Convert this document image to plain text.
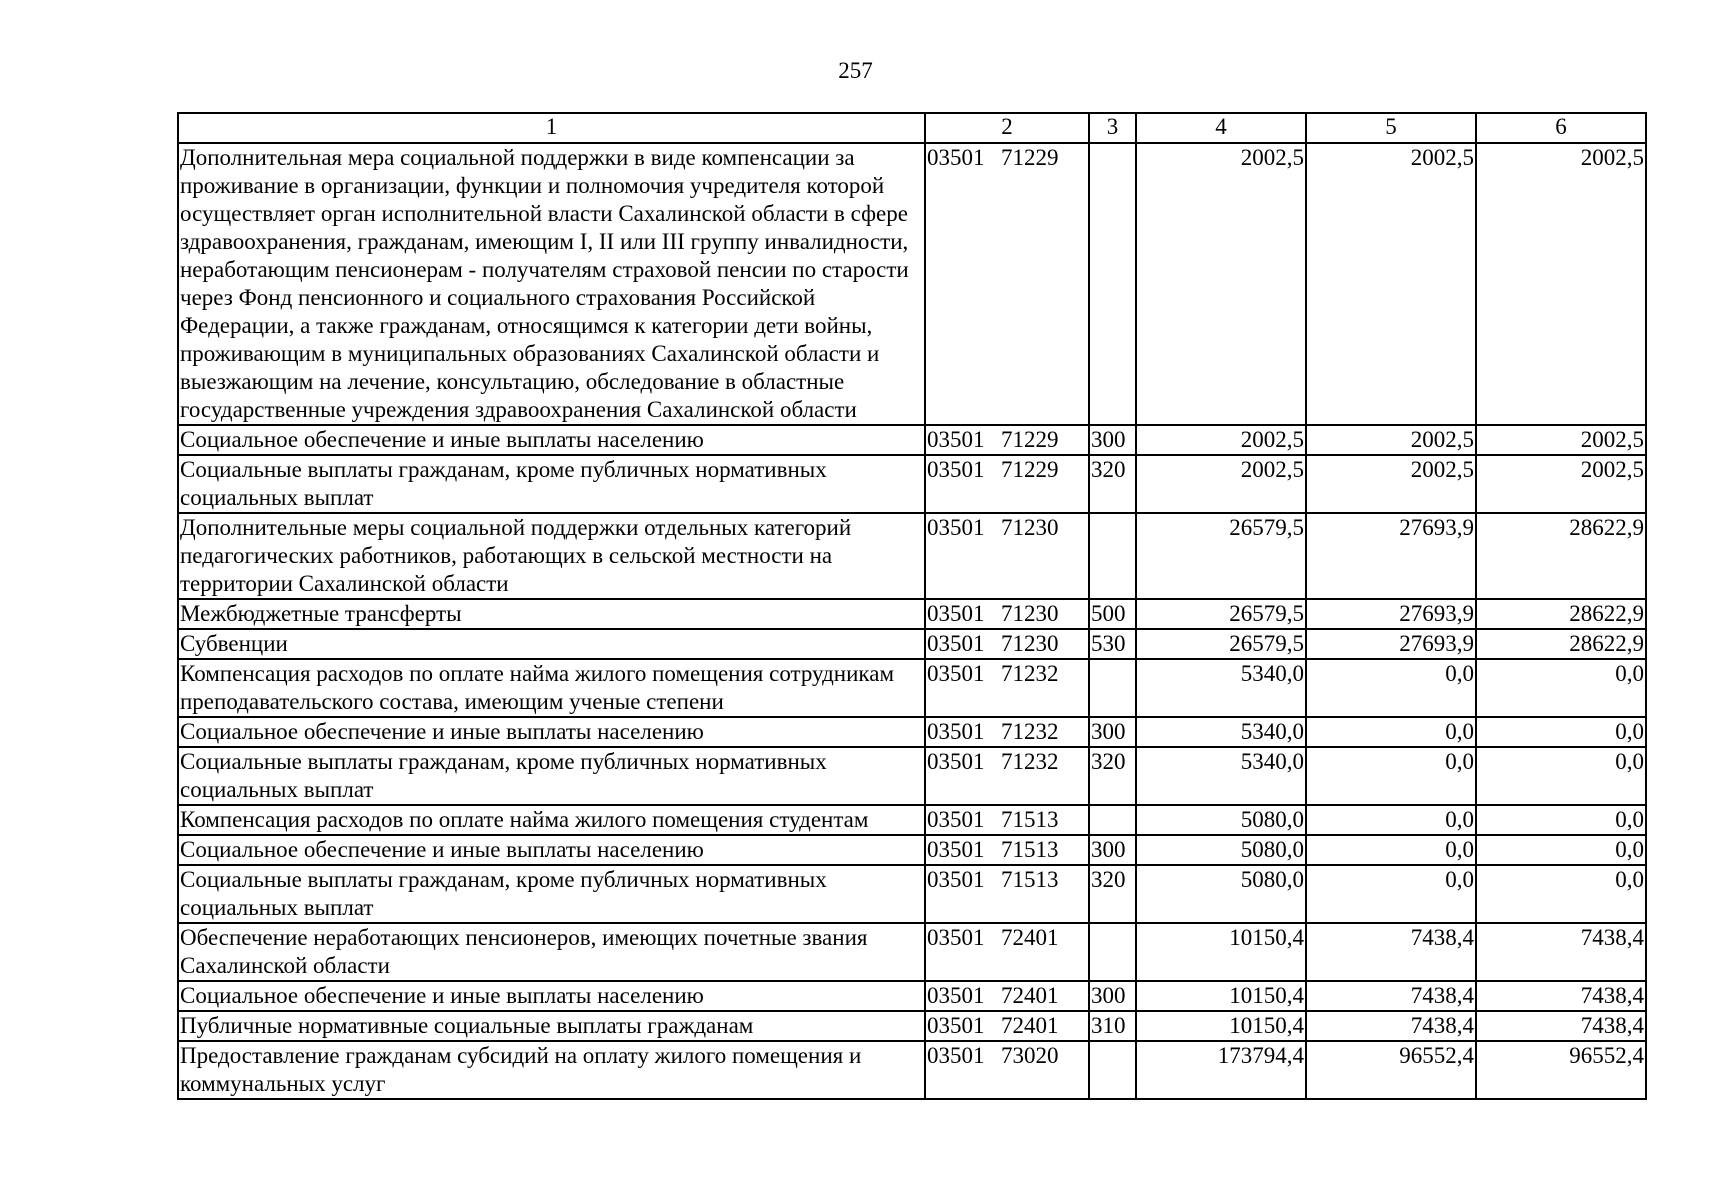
257
1	2	3	4	5	6
Дополнительная мера социальной поддержки в виде компенсации за проживание в организации, функции и полномочия учредителя которой осуществляет орган исполнительной власти Сахалинской области в сфере здравоохранения, гражданам, имеющим I, II или III группу инвалидности, неработающим пенсионерам - получателям страховой пенсии по старости через Фонд пенсионного и социального страхования Российской Федерации, а также гражданам, относящимся к категории дети войны, проживающим в муниципальных образованиях Сахалинской области и выезжающим на лечение, консультацию, обследование в областные государственные учреждения здравоохранения Сахалинской области	03501 71229		2002,5	2002,5	2002,5
Социальное обеспечение и иные выплаты населению	03501 71229	300	2002,5	2002,5	2002,5
Социальные выплаты гражданам, кроме публичных нормативных социальных выплат	03501 71229	320	2002,5	2002,5	2002,5
Дополнительные меры социальной поддержки отдельных категорий педагогических работников, работающих в сельской местности на территории Сахалинской области	03501 71230		26579,5	27693,9	28622,9
Межбюджетные трансферты	03501 71230	500	26579,5	27693,9	28622,9
Субвенции	03501 71230	530	26579,5	27693,9	28622,9
Компенсация расходов по оплате найма жилого помещения сотрудникам преподавательского состава, имеющим ученые степени	03501 71232		5340,0	0,0	0,0
Социальное обеспечение и иные выплаты населению	03501 71232	300	5340,0	0,0	0,0
Социальные выплаты гражданам, кроме публичных нормативных социальных выплат	03501 71232	320	5340,0	0,0	0,0
Компенсация расходов по оплате найма жилого помещения студентам	03501 71513		5080,0	0,0	0,0
Социальное обеспечение и иные выплаты населению	03501 71513	300	5080,0	0,0	0,0
Социальные выплаты гражданам, кроме публичных нормативных социальных выплат	03501 71513	320	5080,0	0,0	0,0
Обеспечение неработающих пенсионеров, имеющих почетные звания Сахалинской области	03501 72401		10150,4	7438,4	7438,4
Социальное обеспечение и иные выплаты населению	03501 72401	300	10150,4	7438,4	7438,4
Публичные нормативные социальные выплаты гражданам	03501 72401	310	10150,4	7438,4	7438,4
Предоставление гражданам субсидий на оплату жилого помещения и коммунальных услуг	03501 73020		173794,4	96552,4	96552,4
